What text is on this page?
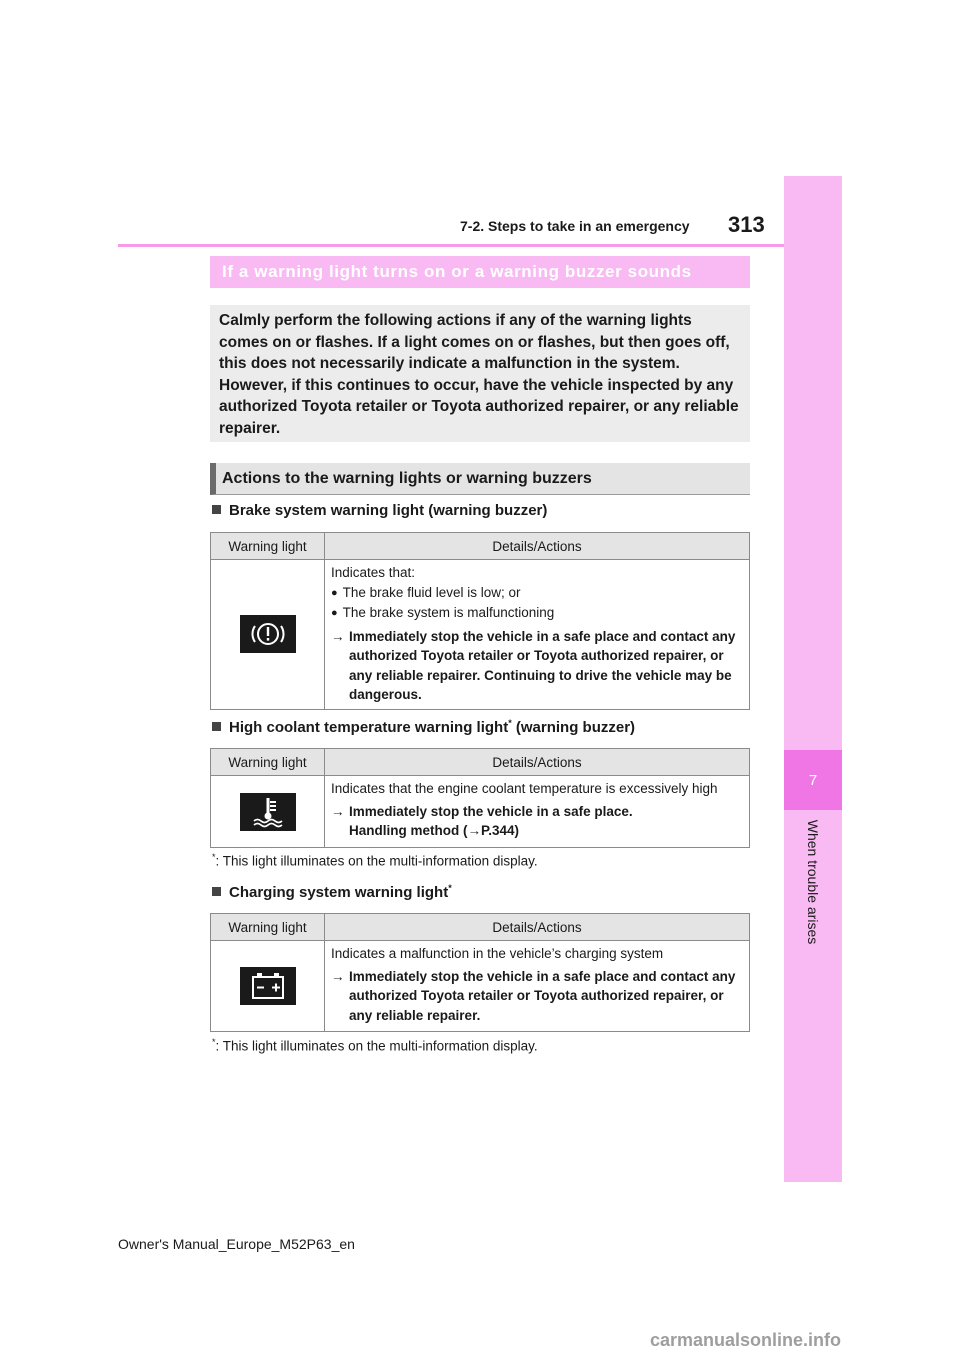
7
When trouble arises
7-2. Steps to take in an emergency 313
If a warning light turns on or a warning buzzer sounds
Calmly perform the following actions if any of the warning lights comes on or flashes. If a light comes on or flashes, but then goes off, this does not necessarily indicate a malfunction in the system. However, if this continues to occur, have the vehicle inspected by any authorized Toyota retailer or Toyota authorized repairer, or any reliable repairer.
Actions to the warning lights or warning buzzers
Brake system warning light (warning buzzer)
Warning light	Details/Actions

Indicates that:
● The brake fluid level is low; or
● The brake system is malfunctioning
→ Immediately stop the vehicle in a safe place and contact any authorized Toyota retailer or Toyota authorized repairer, or any reliable repairer. Continuing to drive the vehicle may be dangerous.
High coolant temperature warning light* (warning buzzer)
Warning light	Details/Actions

Indicates that the engine coolant temperature is excessively high
→ Immediately stop the vehicle in a safe place.
Handling method (→P.344)
*: This light illuminates on the multi-information display.
Charging system warning light*
Warning light	Details/Actions

Indicates a malfunction in the vehicle’s charging system
→ Immediately stop the vehicle in a safe place and contact any authorized Toyota retailer or Toyota authorized repairer, or any reliable repairer.
*: This light illuminates on the multi-information display.
Owner's Manual_Europe_M52P63_en
carmanualsonline.info
